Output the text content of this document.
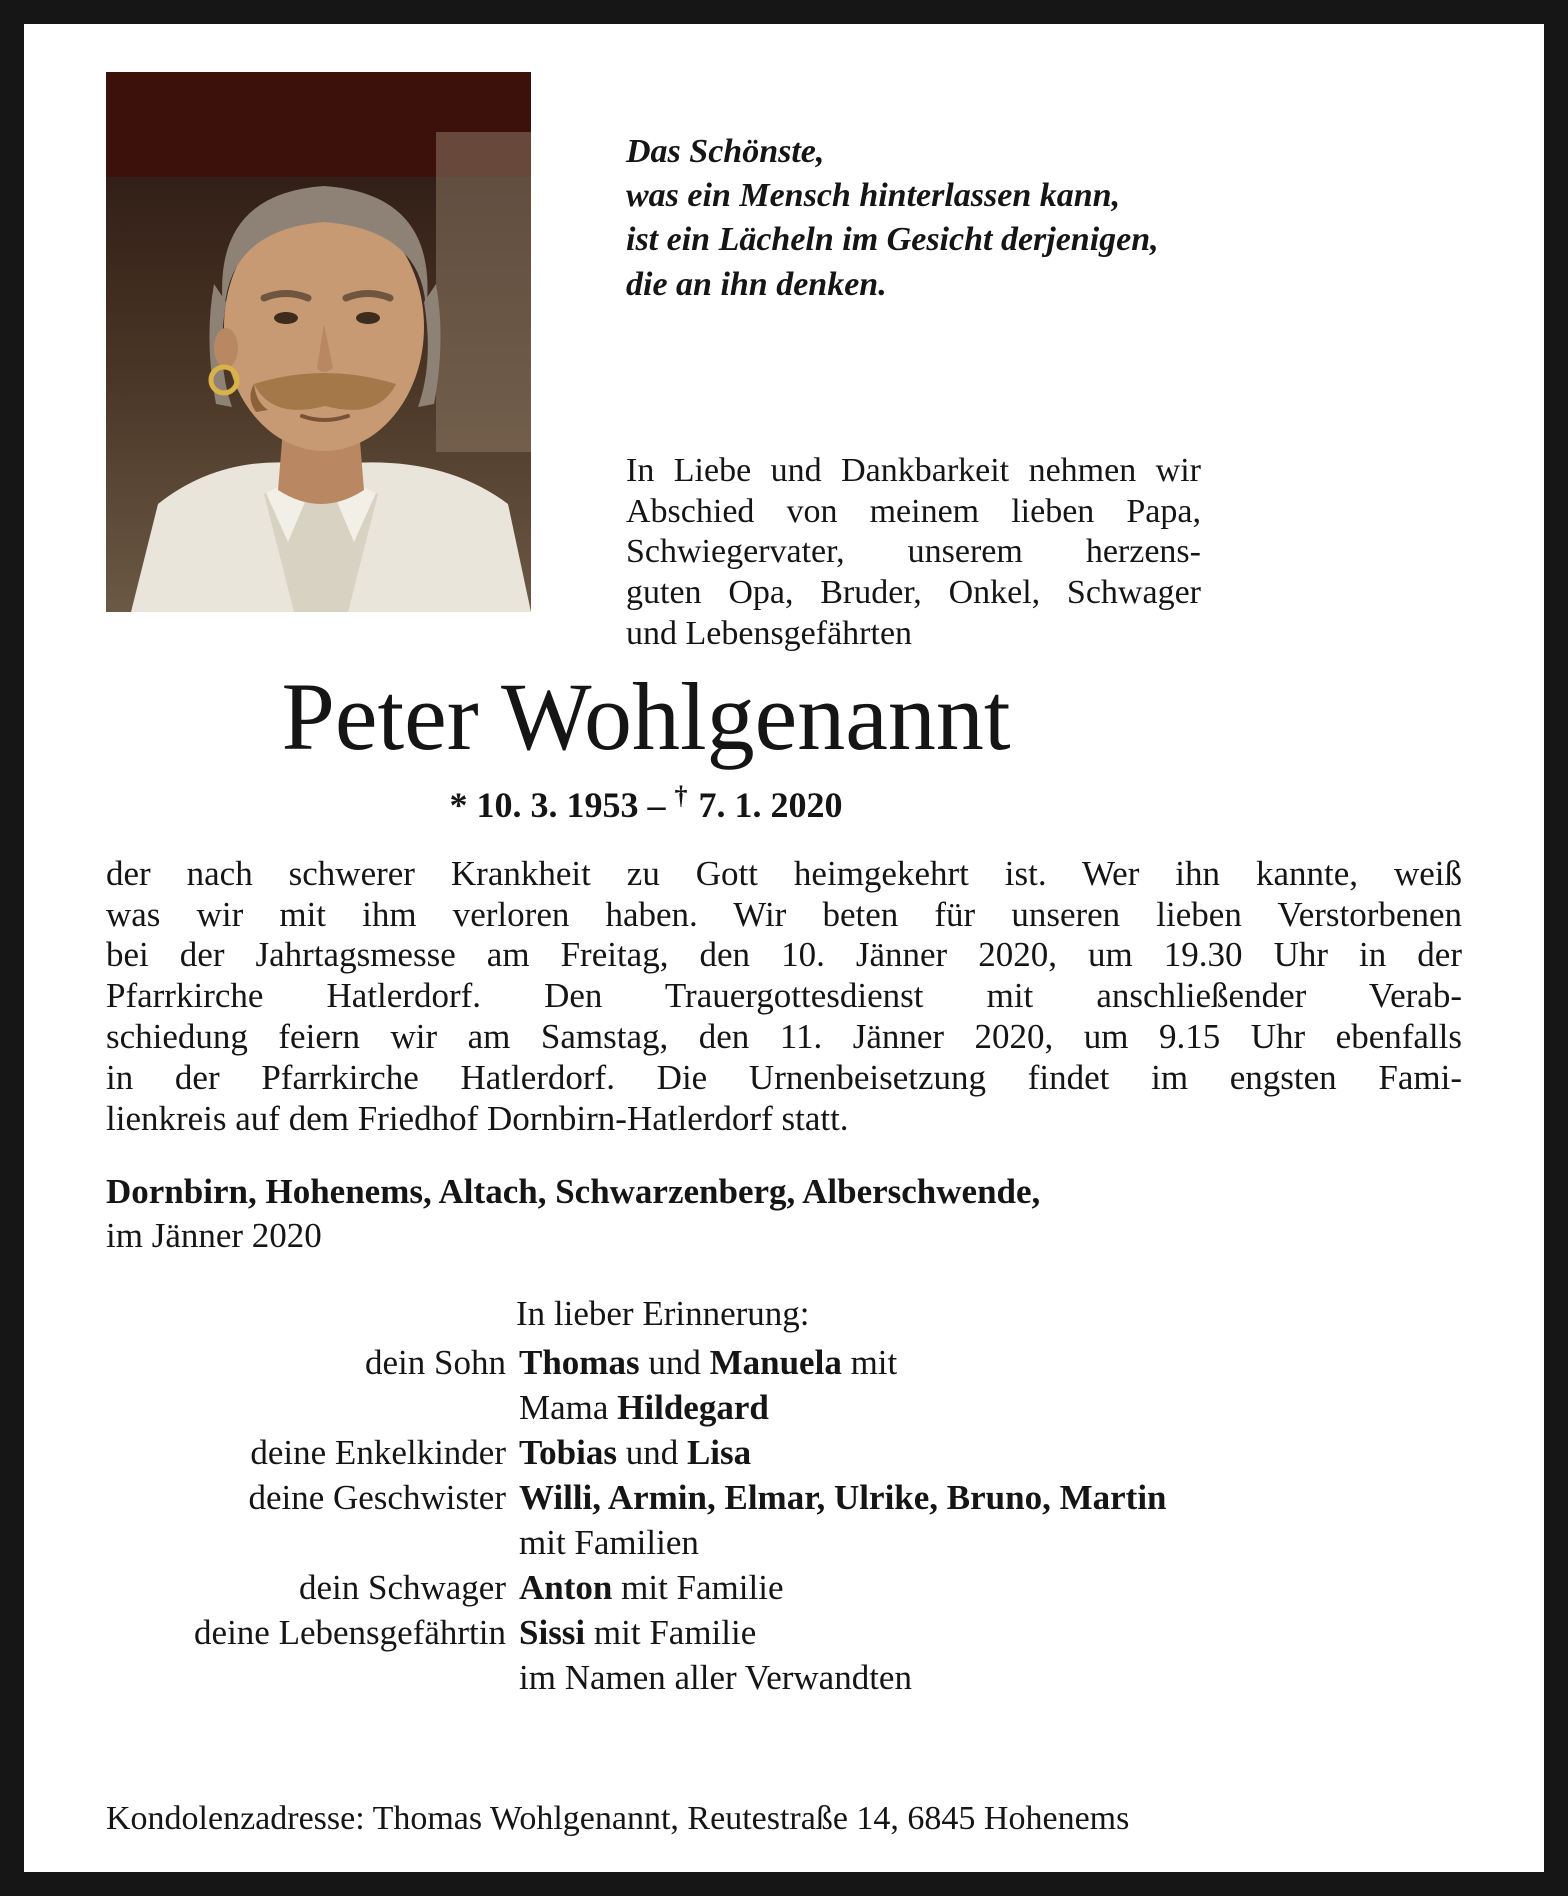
Das Schönste,
was ein Mensch hinterlassen kann,
ist ein Lächeln im Gesicht derjenigen,
die an ihn denken.
In Liebe und Dankbarkeit nehmen wir
Abschied von meinem lieben Papa,
Schwiegervater, unserem herzens-
guten Opa, Bruder, Onkel, Schwager
und Lebensgefährten
Peter Wohlgenannt
* 10. 3. 1953 – † 7. 1. 2020
der nach schwerer Krankheit zu Gott heimgekehrt ist. Wer ihn kannte, weiß
was wir mit ihm verloren haben. Wir beten für unseren lieben Verstorbenen
bei der Jahrtagsmesse am Freitag, den 10. Jänner 2020, um 19.30 Uhr in der
Pfarrkirche Hatlerdorf. Den Trauergottesdienst mit anschließender Verab-
schiedung feiern wir am Samstag, den 11. Jänner 2020, um 9.15 Uhr ebenfalls
in der Pfarrkirche Hatlerdorf. Die Urnenbeisetzung findet im engsten Fami-
lienkreis auf dem Friedhof Dornbirn-Hatlerdorf statt.
Dornbirn, Hohenems, Altach, Schwarzenberg, Alberschwende,
im Jänner 2020
In lieber Erinnerung:
dein Sohn Thomas und Manuela mit
Mama Hildegard
deine Enkelkinder Tobias und Lisa
deine Geschwister Willi, Armin, Elmar, Ulrike, Bruno, Martin
mit Familien
dein Schwager Anton mit Familie
deine Lebensgefährtin Sissi mit Familie
im Namen aller Verwandten
Kondolenzadresse: Thomas Wohlgenannt, Reutestraße 14, 6845 Hohenems
